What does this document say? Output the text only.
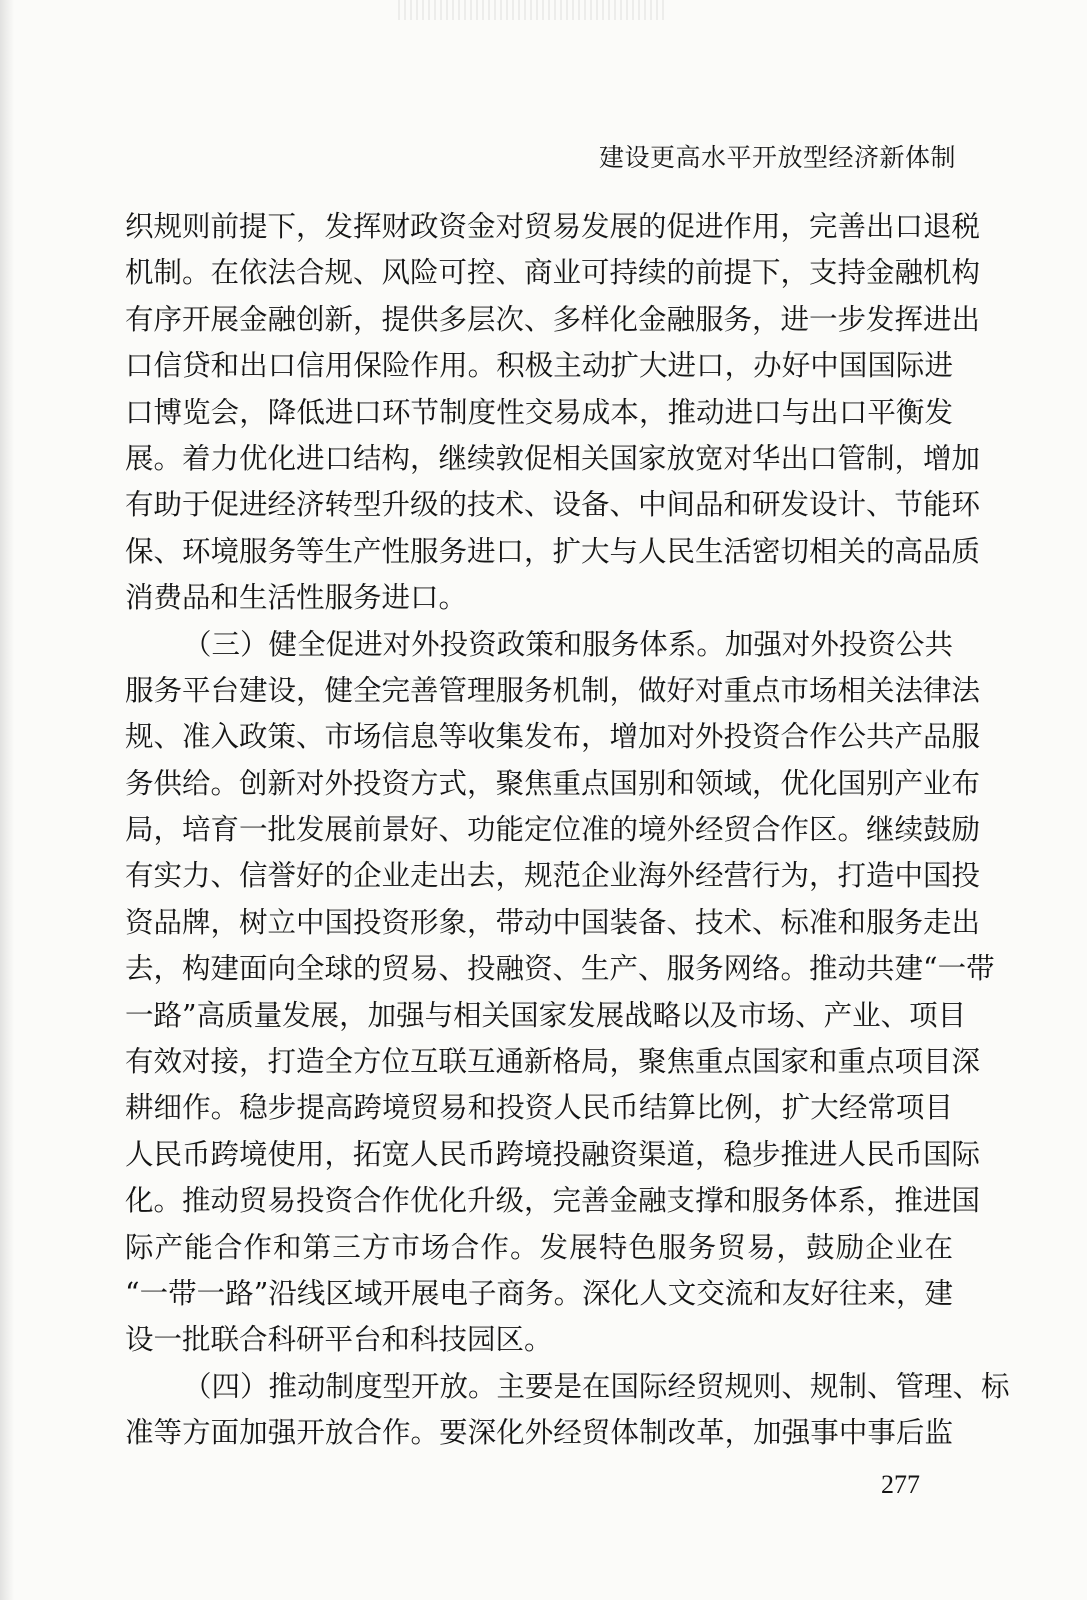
建设更高水平开放型经济新体制
织规则前提下，发挥财政资金对贸易发展的促进作用，完善出口退税
机制。在依法合规、风险可控、商业可持续的前提下，支持金融机构
有序开展金融创新，提供多层次、多样化金融服务，进一步发挥进出
口信贷和出口信用保险作用。积极主动扩大进口，办好中国国际进
口博览会，降低进口环节制度性交易成本，推动进口与出口平衡发
展。着力优化进口结构，继续敦促相关国家放宽对华出口管制，增加
有助于促进经济转型升级的技术、设备、中间品和研发设计、节能环
保、环境服务等生产性服务进口，扩大与人民生活密切相关的高品质
消费品和生活性服务进口。
（三）健全促进对外投资政策和服务体系。加强对外投资公共
服务平台建设，健全完善管理服务机制，做好对重点市场相关法律法
规、准入政策、市场信息等收集发布，增加对外投资合作公共产品服
务供给。创新对外投资方式，聚焦重点国别和领域，优化国别产业布
局，培育一批发展前景好、功能定位准的境外经贸合作区。继续鼓励
有实力、信誉好的企业走出去，规范企业海外经营行为，打造中国投
资品牌，树立中国投资形象，带动中国装备、技术、标准和服务走出
去，构建面向全球的贸易、投融资、生产、服务网络。推动共建“一带
一路”高质量发展，加强与相关国家发展战略以及市场、产业、项目
有效对接，打造全方位互联互通新格局，聚焦重点国家和重点项目深
耕细作。稳步提高跨境贸易和投资人民币结算比例，扩大经常项目
人民币跨境使用，拓宽人民币跨境投融资渠道，稳步推进人民币国际
化。推动贸易投资合作优化升级，完善金融支撑和服务体系，推进国
际产能合作和第三方市场合作。发展特色服务贸易，鼓励企业在
“一带一路”沿线区域开展电子商务。深化人文交流和友好往来，建
设一批联合科研平台和科技园区。
（四）推动制度型开放。主要是在国际经贸规则、规制、管理、标
准等方面加强开放合作。要深化外经贸体制改革，加强事中事后监
277
